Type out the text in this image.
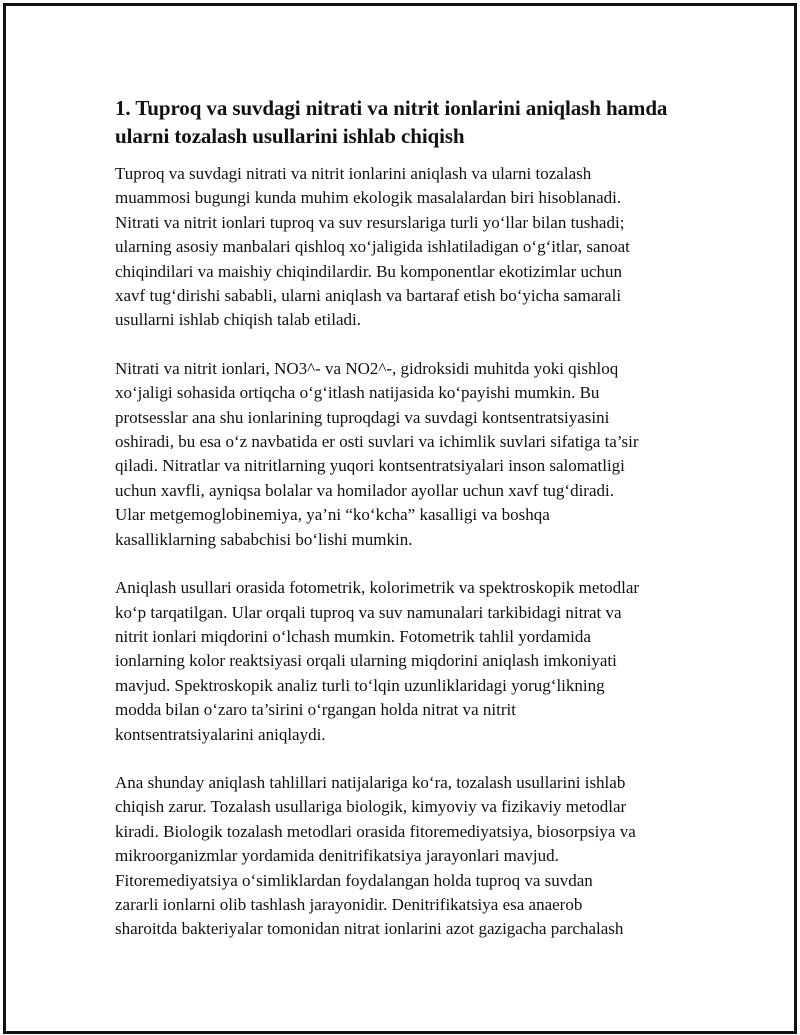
1. Tuproq va suvdagi nitrati va nitrit ionlarini aniqlash hamda ularni tozalash usullarini ishlab chiqish

Tuproq va suvdagi nitrati va nitrit ionlarini aniqlash va ularni tozalash
muammosi bugungi kunda muhim ekologik masalalardan biri hisoblanadi.
Nitrati va nitrit ionlari tuproq va suv resurslariga turli yo‘llar bilan tushadi;
ularning asosiy manbalari qishloq xo‘jaligida ishlatiladigan o‘g‘itlar, sanoat
chiqindilari va maishiy chiqindilardir. Bu komponentlar ekotizimlar uchun
xavf tug‘dirishi sababli, ularni aniqlash va bartaraf etish bo‘yicha samarali
usullarni ishlab chiqish talab etiladi.

Nitrati va nitrit ionlari, NO3^- va NO2^-, gidroksidi muhitda yoki qishloq
xo‘jaligi sohasida ortiqcha o‘g‘itlash natijasida ko‘payishi mumkin. Bu
protsesslar ana shu ionlarining tuproqdagi va suvdagi kontsentratsiyasini
oshiradi, bu esa o‘z navbatida er osti suvlari va ichimlik suvlari sifatiga ta’sir
qiladi. Nitratlar va nitritlarning yuqori kontsentratsiyalari inson salomatligi
uchun xavfli, ayniqsa bolalar va homilador ayollar uchun xavf tug‘diradi.
Ular metgemoglobinemiya, ya’ni “ko‘kcha” kasalligi va boshqa
kasalliklarning sababchisi bo‘lishi mumkin.

Aniqlash usullari orasida fotometrik, kolorimetrik va spektroskopik metodlar
ko‘p tarqatilgan. Ular orqali tuproq va suv namunalari tarkibidagi nitrat va
nitrit ionlari miqdorini o‘lchash mumkin. Fotometrik tahlil yordamida
ionlarning kolor reaktsiyasi orqali ularning miqdorini aniqlash imkoniyati
mavjud. Spektroskopik analiz turli to‘lqin uzunliklaridagi yorug‘likning
modda bilan o‘zaro ta’sirini o‘rgangan holda nitrat va nitrit
kontsentratsiyalarini aniqlaydi.

Ana shunday aniqlash tahlillari natijalariga ko‘ra, tozalash usullarini ishlab
chiqish zarur. Tozalash usullariga biologik, kimyoviy va fizikaviy metodlar
kiradi. Biologik tozalash metodlari orasida fitoremediyatsiya, biosorpsiya va
mikroorganizmlar yordamida denitrifikatsiya jarayonlari mavjud.
Fitoremediyatsiya o‘simliklardan foydalangan holda tuproq va suvdan
zararli ionlarni olib tashlash jarayonidir. Denitrifikatsiya esa anaerob
sharoitda bakteriyalar tomonidan nitrat ionlarini azot gazigacha parchalash
